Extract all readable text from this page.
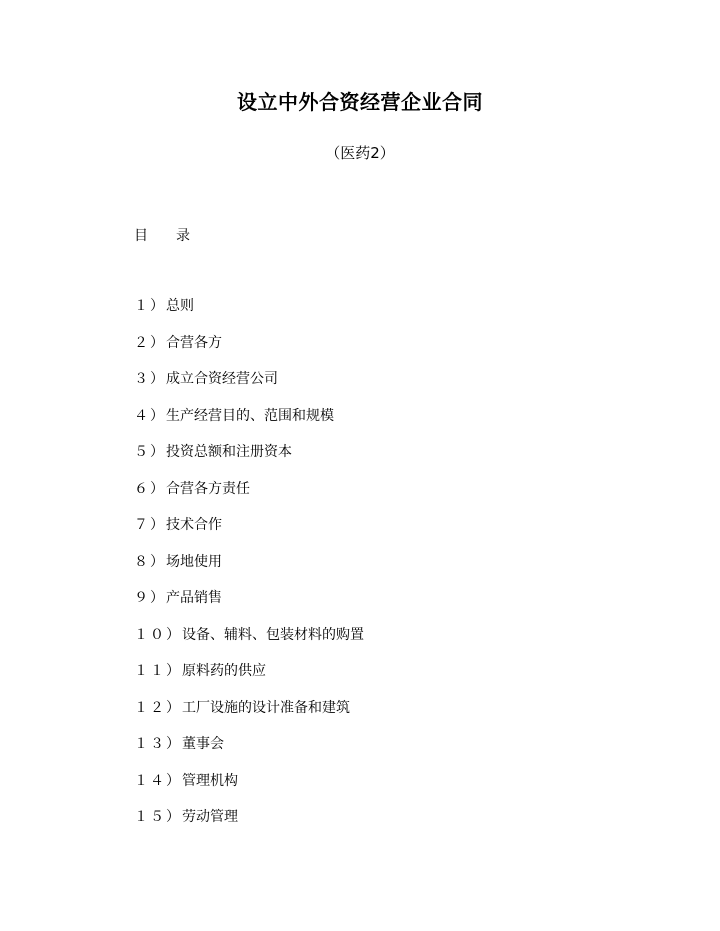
设立中外合资经营企业合同
（医药2）
目　　录
１）总则
２）合营各方
３）成立合资经营公司
４）生产经营目的、范围和规模
５）投资总额和注册资本
６）合营各方责任
７）技术合作
８）场地使用
９）产品销售
１０）设备、辅料、包装材料的购置
１１）原料药的供应
１２）工厂设施的设计准备和建筑
１３）董事会
１４）管理机构
１５）劳动管理
